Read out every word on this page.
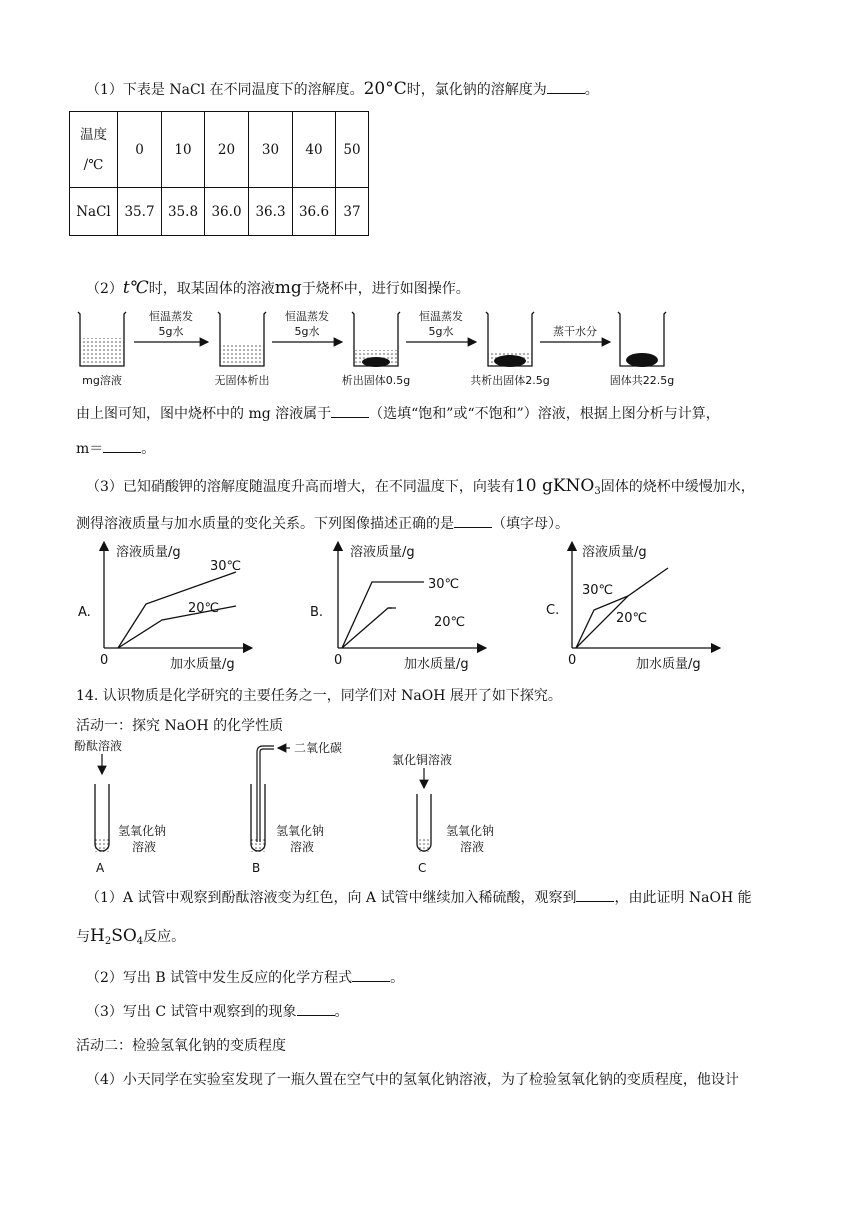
（1）下表是 NaCl 在不同温度下的溶解度。20°C时，氯化钠的溶解度为	。
温度
/℃	0	10	20	30	40	50
NaCl	35.7	35.8	36.0	36.3	36.6	37
（2）t℃时，取某固体的溶液mg于烧杯中，进行如图操作。
恒温蒸发
5g水
恒温蒸发
5g水
恒温蒸发
5g水	蒸干水分
mg溶液	无固体析出	析出固体0.5g	共析出固体2.5g	固体共22.5g
由上图可知，图中烧杯中的 mg 溶液属于	（选填“饱和”或“不饱和”）溶液，根据上图分析与计算，
m＝	。
（3）已知硝酸钾的溶解度随温度升高而增大，在不同温度下，向装有10 gKNO$_3$固体的烧杯中缓慢加水，
测得溶液质量与加水质量的变化关系。下列图像描述正确的是	（填字母）。
溶液质量/g
30℃
20℃
A.
0	加水质量/g
溶液质量/g
30℃
20℃
B.
0	加水质量/g
溶液质量/g
30℃
20℃
C.
0	加水质量/g
14. 认识物质是化学研究的主要任务之一，同学们对 NaOH 展开了如下探究。
活动一：探究 NaOH 的化学性质
酚酞溶液
氢氧化钠
溶液
A
二氧化碳
氢氧化钠
溶液
B
氯化铜溶液
氢氧化钠
溶液
C
（1）A 试管中观察到酚酞溶液变为红色，向 A 试管中继续加入稀硫酸，观察到	，由此证明 NaOH 能
与$H_2SO_4$反应。
（2）写出 B 试管中发生反应的化学方程式	。
（3）写出 C 试管中观察到的现象	。
活动二：检验氢氧化钠的变质程度
（4）小天同学在实验室发现了一瓶久置在空气中的氢氧化钠溶液，为了检验氢氧化钠的变质程度，他设计
